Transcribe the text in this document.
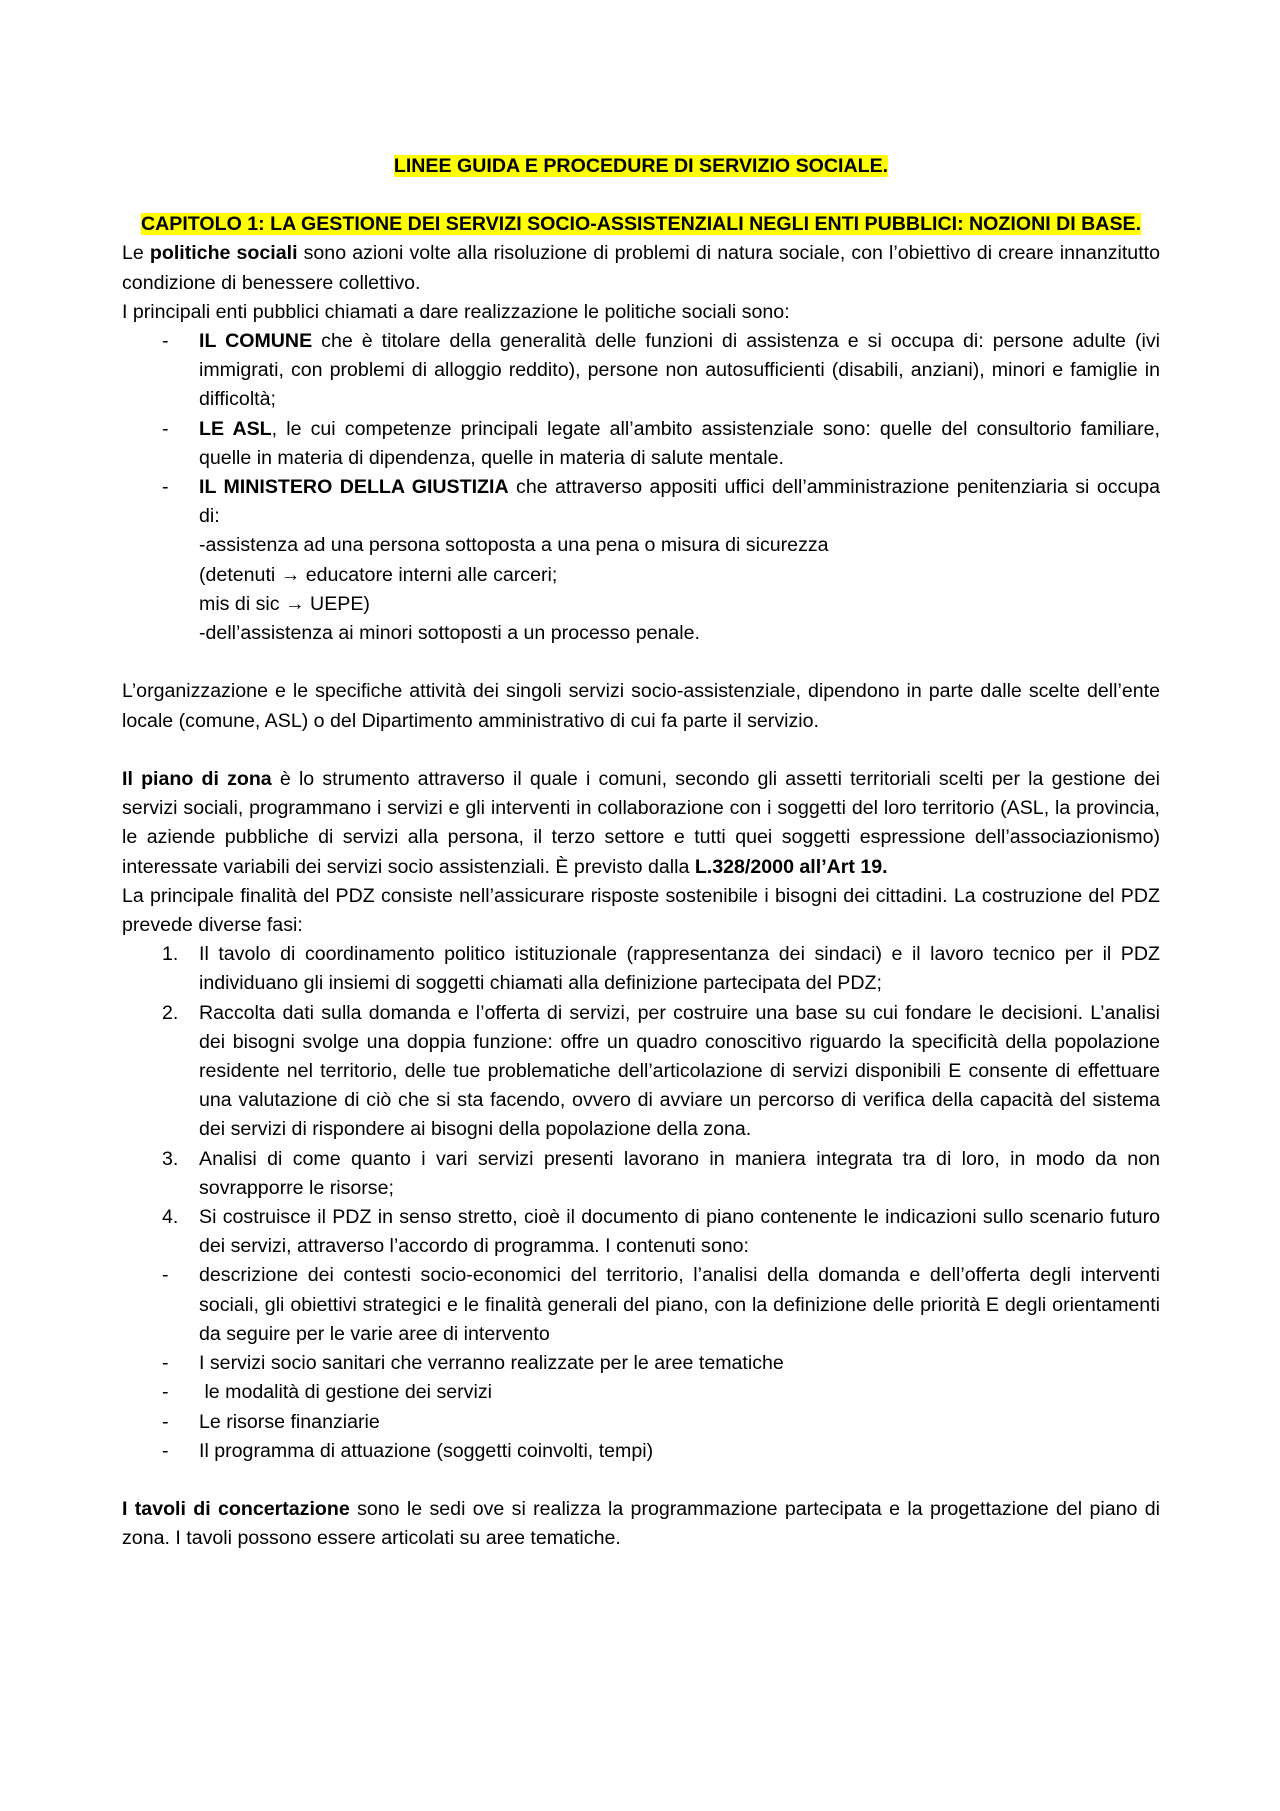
LINEE GUIDA E PROCEDURE DI SERVIZIO SOCIALE.

CAPITOLO 1: LA GESTIONE DEI SERVIZI SOCIO-ASSISTENZIALI NEGLI ENTI PUBBLICI: NOZIONI DI BASE.

Le politiche sociali sono azioni volte alla risoluzione di problemi di natura sociale, con l’obiettivo di creare innanzitutto condizione di benessere collettivo.

I principali enti pubblici chiamati a dare realizzazione le politiche sociali sono:

- IL COMUNE che è titolare della generalità delle funzioni di assistenza e si occupa di: persone adulte (ivi immigrati, con problemi di alloggio reddito), persone non autosufficienti (disabili, anziani), minori e famiglie in difficoltà;
- LE ASL, le cui competenze principali legate all’ambito assistenziale sono: quelle del consultorio familiare, quelle in materia di dipendenza, quelle in materia di salute mentale.
- IL MINISTERO DELLA GIUSTIZIA che attraverso appositi uffici dell’amministrazione penitenziaria si occupa di:
-assistenza ad una persona sottoposta a una pena o misura di sicurezza
(detenuti → educatore interni alle carceri;
mis di sic → UEPE)
-dell’assistenza ai minori sottoposti a un processo penale.

L’organizzazione e le specifiche attività dei singoli servizi socio-assistenziale, dipendono in parte dalle scelte dell’ente locale (comune, ASL) o del Dipartimento amministrativo di cui fa parte il servizio.

Il piano di zona è lo strumento attraverso il quale i comuni, secondo gli assetti territoriali scelti per la gestione dei servizi sociali, programmano i servizi e gli interventi in collaborazione con i soggetti del loro territorio (ASL, la provincia, le aziende pubbliche di servizi alla persona, il terzo settore e tutti quei soggetti espressione dell’associazionismo) interessate variabili dei servizi socio assistenziali. È previsto dalla L.328/2000 all’Art 19.

La principale finalità del PDZ consiste nell’assicurare risposte sostenibile i bisogni dei cittadini. La costruzione del PDZ prevede diverse fasi:

1. Il tavolo di coordinamento politico istituzionale (rappresentanza dei sindaci) e il lavoro tecnico per il PDZ individuano gli insiemi di soggetti chiamati alla definizione partecipata del PDZ;
2. Raccolta dati sulla domanda e l’offerta di servizi, per costruire una base su cui fondare le decisioni. L’analisi dei bisogni svolge una doppia funzione: offre un quadro conoscitivo riguardo la specificità della popolazione residente nel territorio, delle tue problematiche dell’articolazione di servizi disponibili E consente di effettuare una valutazione di ciò che si sta facendo, ovvero di avviare un percorso di verifica della capacità del sistema dei servizi di rispondere ai bisogni della popolazione della zona.
3. Analisi di come quanto i vari servizi presenti lavorano in maniera integrata tra di loro, in modo da non sovrapporre le risorse;
4. Si costruisce il PDZ in senso stretto, cioè il documento di piano contenente le indicazioni sullo scenario futuro dei servizi, attraverso l’accordo di programma. I contenuti sono:
- descrizione dei contesti socio-economici del territorio, l’analisi della domanda e dell’offerta degli interventi sociali, gli obiettivi strategici e le finalità generali del piano, con la definizione delle priorità E degli orientamenti da seguire per le varie aree di intervento
- I servizi socio sanitari che verranno realizzate per le aree tematiche
- le modalità di gestione dei servizi
- Le risorse finanziarie
- Il programma di attuazione (soggetti coinvolti, tempi)

I tavoli di concertazione sono le sedi ove si realizza la programmazione partecipata e la progettazione del piano di zona. I tavoli possono essere articolati su aree tematiche.
